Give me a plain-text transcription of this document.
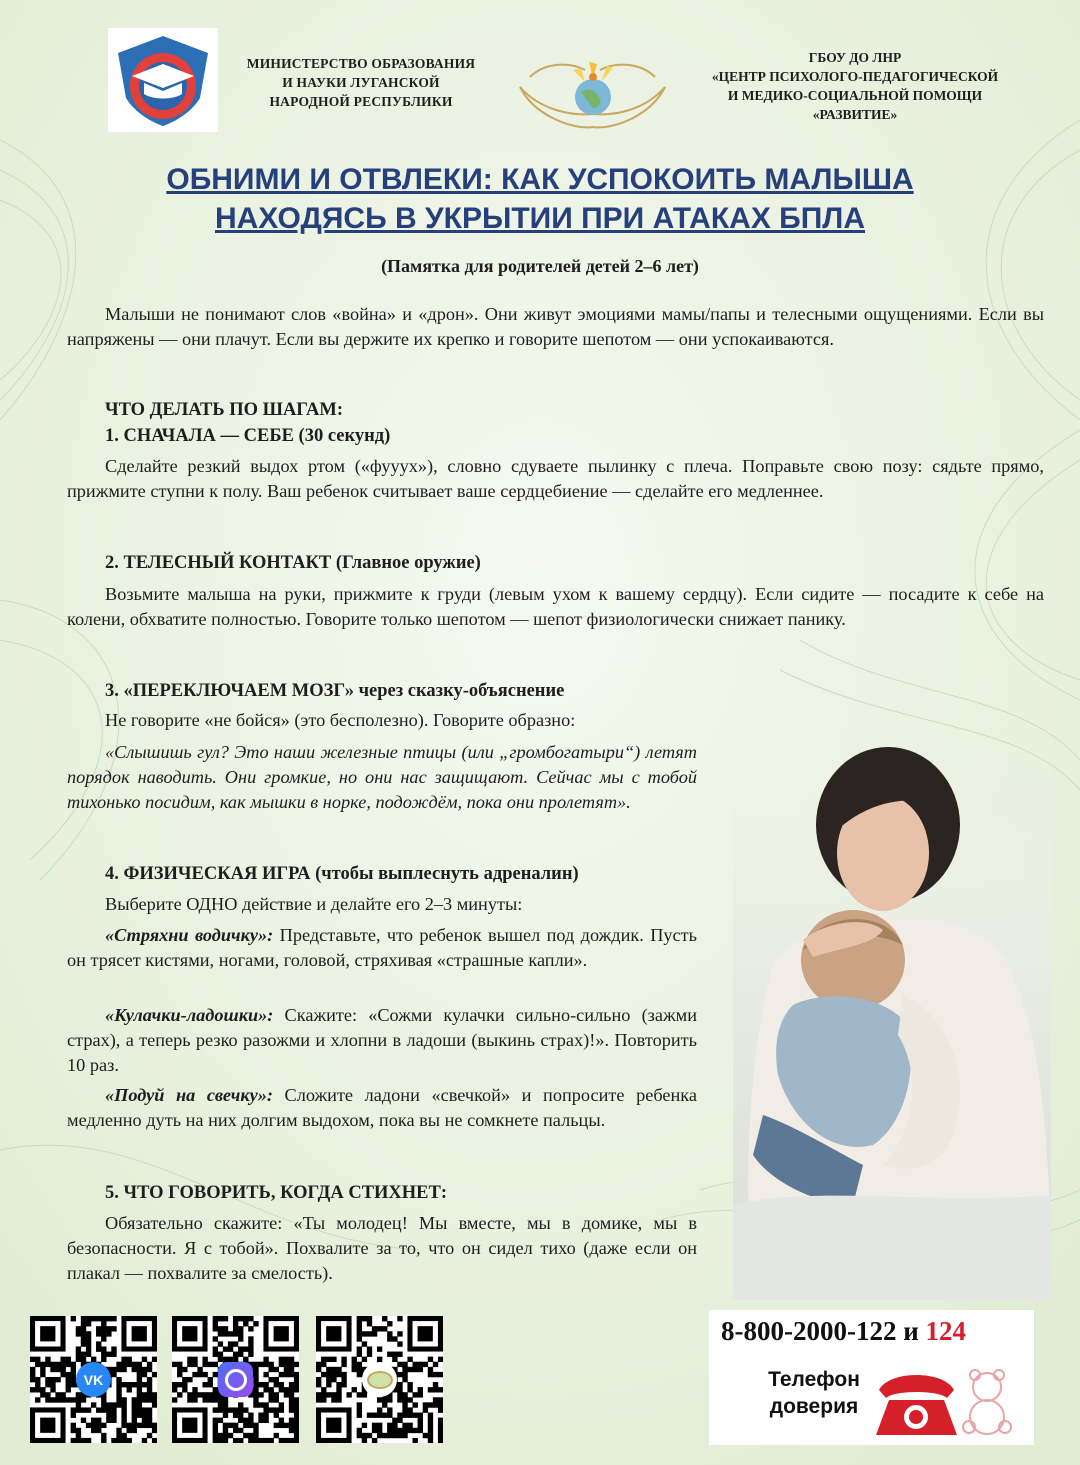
МИНИСТЕРСТВО ОБРАЗОВАНИЯ
И НАУКИ ЛУГАНСКОЙ
НАРОДНОЙ РЕСПУБЛИКИ
ГБОУ ДО ЛНР
«ЦЕНТР ПСИХОЛОГО-ПЕДАГОГИЧЕСКОЙ
И МЕДИКО-СОЦИАЛЬНОЙ ПОМОЩИ
«РАЗВИТИЕ»
ОБНИМИ И ОТВЛЕКИ: КАК УСПОКОИТЬ МАЛЫША
НАХОДЯСЬ В УКРЫТИИ ПРИ АТАКАХ БПЛА
(Памятка для родителей детей 2–6 лет)
Малыши не понимают слов «война» и «дрон». Они живут эмоциями мамы/папы и телесными ощущениями. Если вы напряжены — они плачут. Если вы держите их крепко и говорите шепотом — они успокаиваются.
ЧТО ДЕЛАТЬ ПО ШАГАМ:
1. СНАЧАЛА — СЕБЕ (30 секунд)
Сделайте резкий выдох ртом («фууух»), словно сдуваете пылинку с плеча. Поправьте свою позу: сядьте прямо, прижмите ступни к полу. Ваш ребенок считывает ваше сердцебиение — сделайте его медленнее.
2. ТЕЛЕСНЫЙ КОНТАКТ (Главное оружие)
Возьмите малыша на руки, прижмите к груди (левым ухом к вашему сердцу). Если сидите — посадите к себе на колени, обхватите полностью. Говорите только шепотом — шепот физиологически снижает панику.
3. «ПЕРЕКЛЮЧАЕМ МОЗГ» через сказку-объяснение
Не говорите «не бойся» (это бесполезно). Говорите образно:
«Слышишь гул? Это наши железные птицы (или „громбогатыри“) летят порядок наводить. Они громкие, но они нас защищают. Сейчас мы с тобой тихонько посидим, как мышки в норке, подождём, пока они пролетят».
4. ФИЗИЧЕСКАЯ ИГРА (чтобы выплеснуть адреналин)
Выберите ОДНО действие и делайте его 2–3 минуты:
«Стряхни водичку»: Представьте, что ребенок вышел под дождик. Пусть он трясет кистями, ногами, головой, стряхивая «страшные капли».
«Кулачки-ладошки»: Скажите: «Сожми кулачки сильно-сильно (зажми страх), а теперь резко разожми и хлопни в ладоши (выкинь страх)!». Повторить 10 раз.
«Подуй на свечку»: Сложите ладони «свечкой» и попросите ребенка медленно дуть на них долгим выдохом, пока вы не сомкнете пальцы.
5. ЧТО ГОВОРИТЬ, КОГДА СТИХНЕТ:
Обязательно скажите: «Ты молодец! Мы вместе, мы в домике, мы в безопасности. Я с тобой». Похвалите за то, что он сидел тихо (даже если он плакал — похвалите за смелость).
VK
8-800-2000-122 и 124
Телефон
доверия
